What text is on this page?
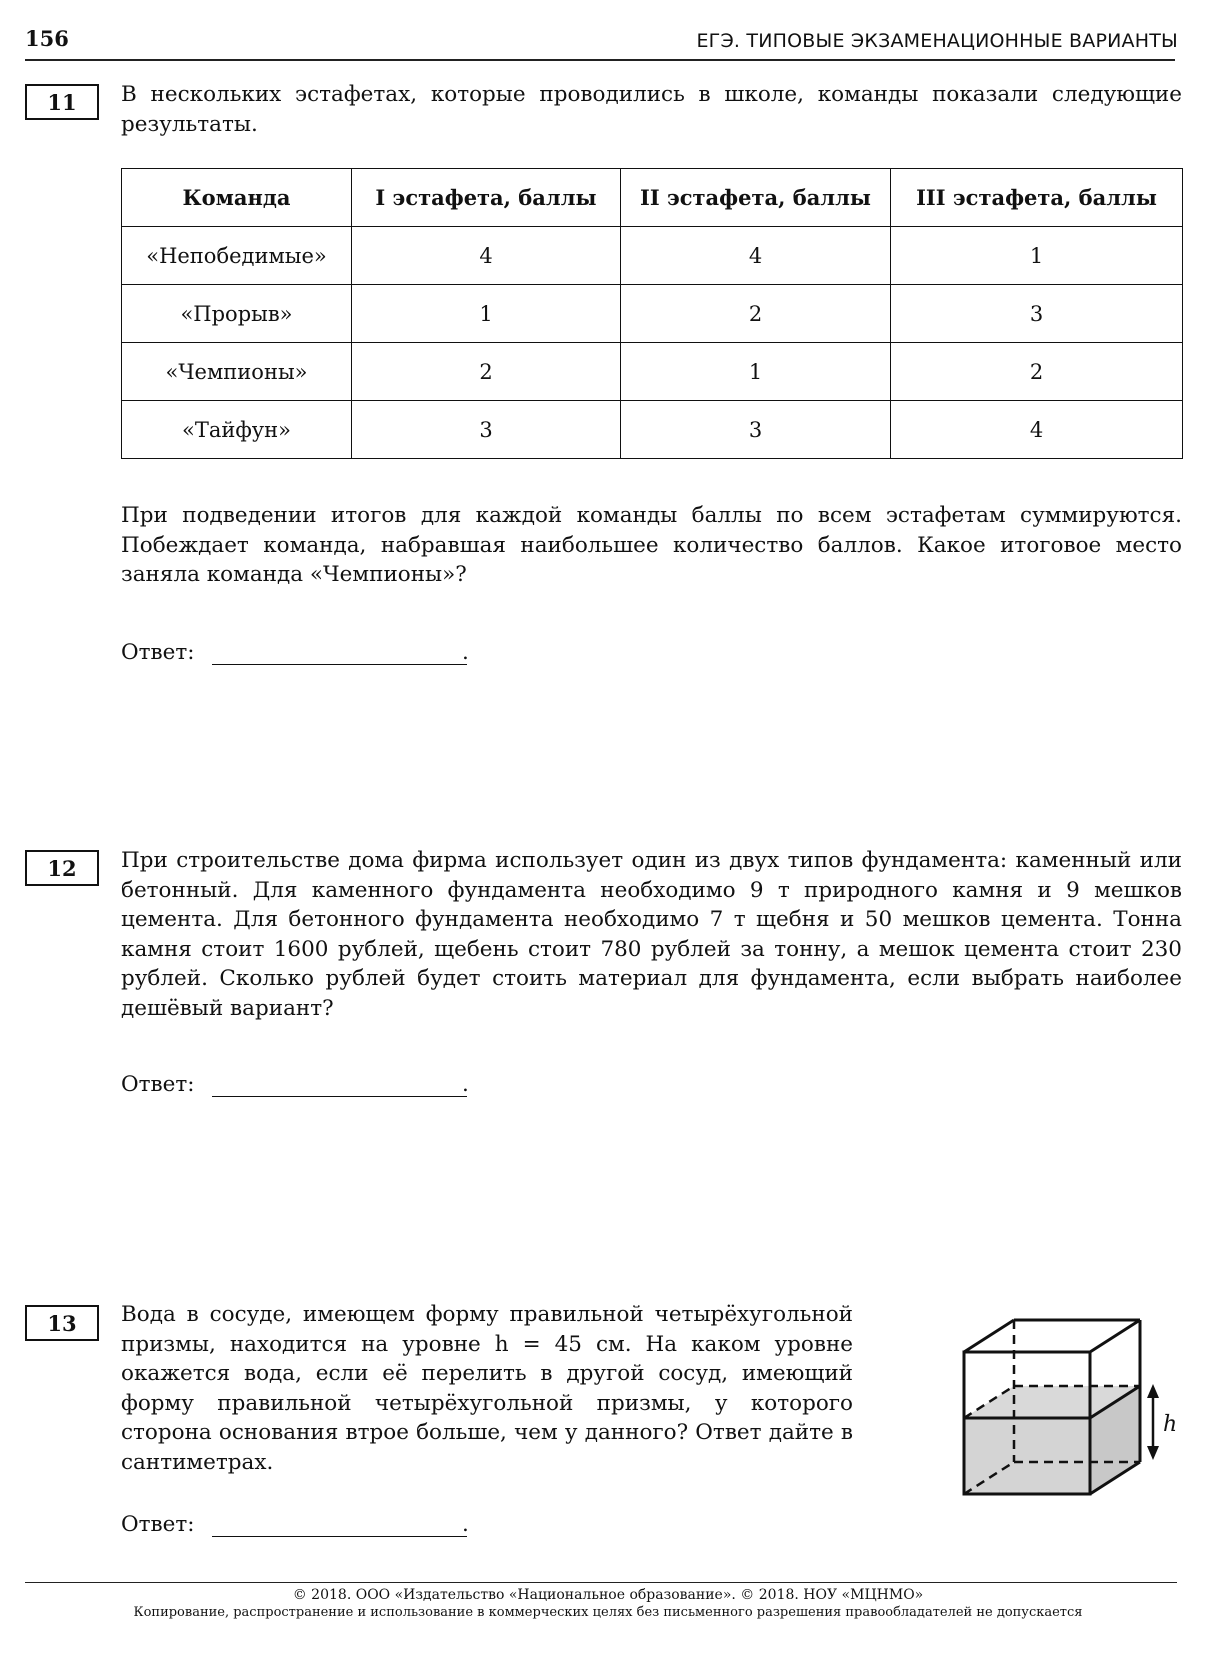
156	ЕГЭ. ТИПОВЫЕ ЭКЗАМЕНАЦИОННЫЕ ВАРИАНТЫ
11 В нескольких эстафетах, которые проводились в школе, команды показали следующие результаты.
Команда	I эстафета, баллы	II эстафета, баллы	III эстафета, баллы
«Непобедимые»	4	4	1
«Прорыв»	1	2	3
«Чемпионы»	2	1	2
«Тайфун»	3	3	4
При подведении итогов для каждой команды баллы по всем эстафетам суммируются. Побеждает команда, набравшая наибольшее количество баллов. Какое итоговое место заняла команда «Чемпионы»?
Ответ:	.
12 При строительстве дома фирма использует один из двух типов фундамента: каменный или бетонный. Для каменного фундамента необходимо 9 т природного камня и 9 мешков цемента. Для бетонного фундамента необходимо 7 т щебня и 50 мешков цемента. Тонна камня стоит 1600 рублей, щебень стоит 780 рублей за тонну, а мешок цемента стоит 230 рублей. Сколько рублей будет стоить материал для фундамента, если выбрать наиболее дешёвый вариант?
Ответ:	.
13 Вода в сосуде, имеющем форму правильной четырёхугольной призмы, находится на уровне h = 45 см. На каком уровне окажется вода, если её перелить в другой сосуд, имеющий форму правильной четырёхугольной призмы, у которого сторона основания втрое больше, чем у данного? Ответ дайте в сантиметрах.
h
Ответ:	.
© 2018. ООО «Издательство «Национальное образование». © 2018. НОУ «МЦНМО»
Копирование, распространение и использование в коммерческих целях без письменного разрешения правообладателей не допускается
